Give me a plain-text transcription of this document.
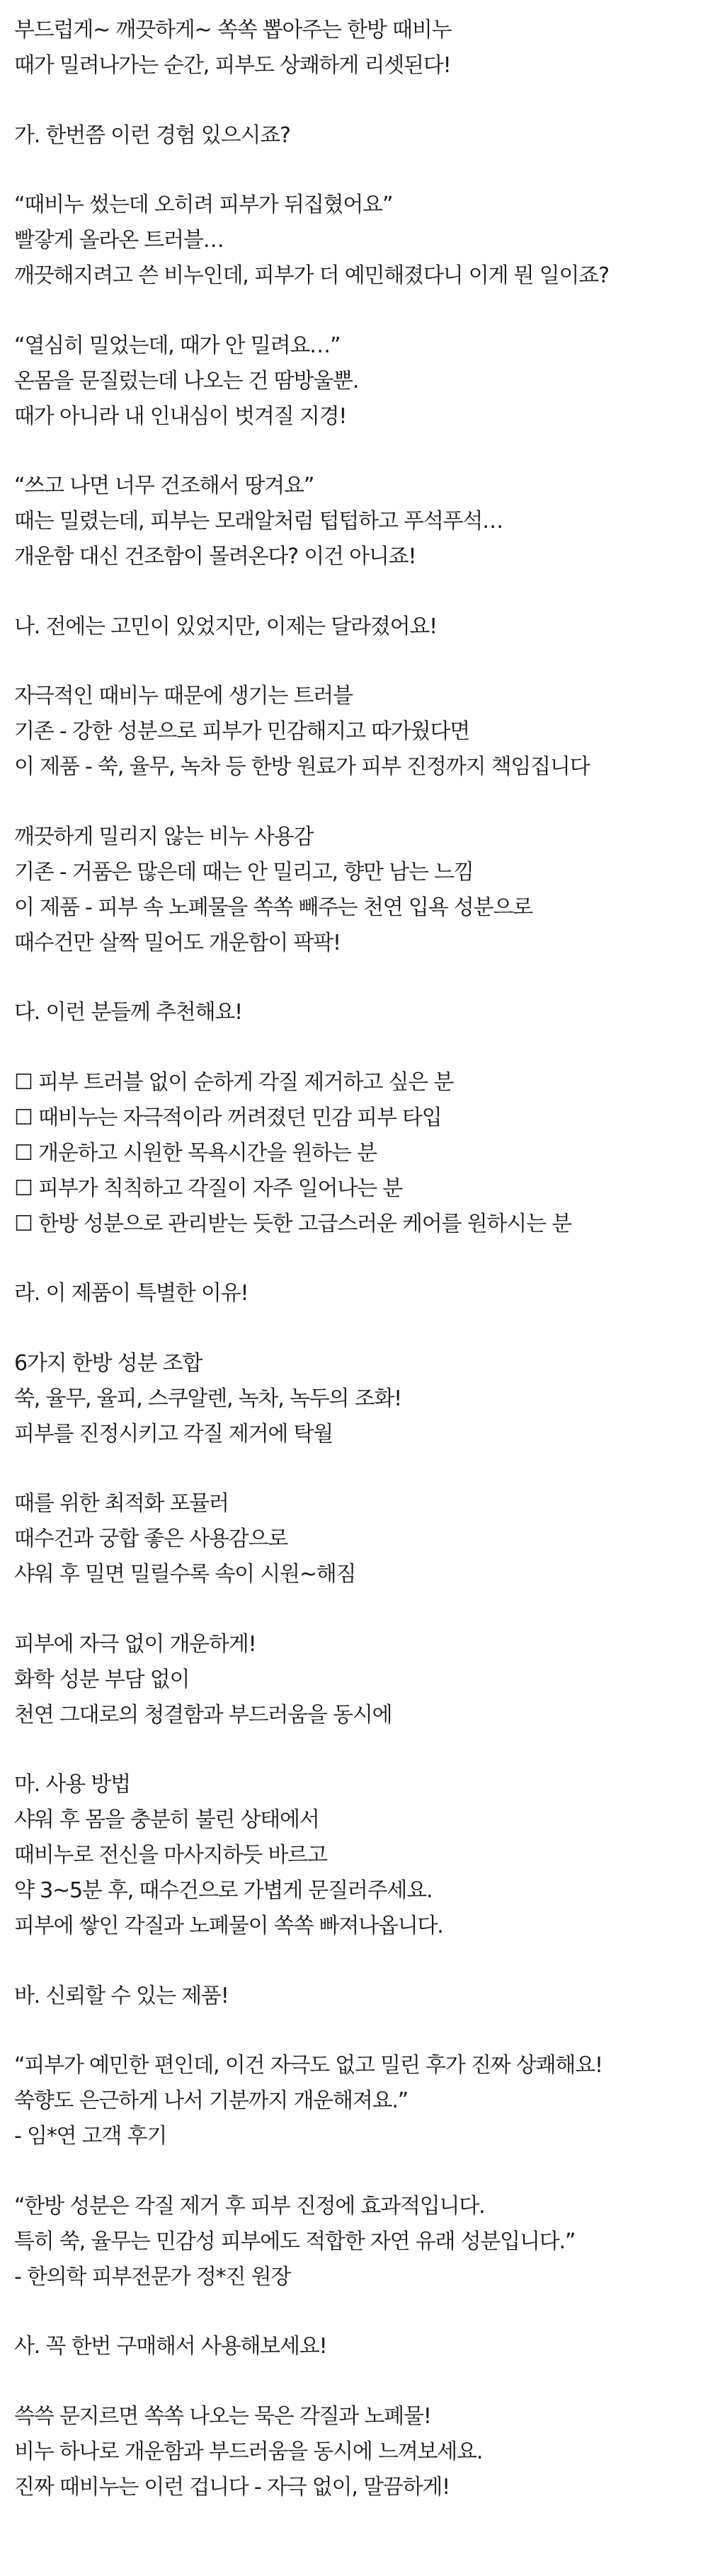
부드럽게~ 깨끗하게~ 쏙쏙 뽑아주는 한방 때비누
때가 밀려나가는 순간, 피부도 상쾌하게 리셋된다!
가. 한번쯤 이런 경험 있으시죠?
“때비누 썼는데 오히려 피부가 뒤집혔어요”
빨갛게 올라온 트러블…
깨끗해지려고 쓴 비누인데, 피부가 더 예민해졌다니 이게 뭔 일이죠?
“열심히 밀었는데, 때가 안 밀려요…”
온몸을 문질렀는데 나오는 건 땀방울뿐.
때가 아니라 내 인내심이 벗겨질 지경!
“쓰고 나면 너무 건조해서 땅겨요”
때는 밀렸는데, 피부는 모래알처럼 텁텁하고 푸석푸석…
개운함 대신 건조함이 몰려온다? 이건 아니죠!
나. 전에는 고민이 있었지만, 이제는 달라졌어요!
자극적인 때비누 때문에 생기는 트러블
기존 - 강한 성분으로 피부가 민감해지고 따가웠다면
이 제품 - 쑥, 율무, 녹차 등 한방 원료가 피부 진정까지 책임집니다
깨끗하게 밀리지 않는 비누 사용감
기존 - 거품은 많은데 때는 안 밀리고, 향만 남는 느낌
이 제품 - 피부 속 노폐물을 쏙쏙 빼주는 천연 입욕 성분으로
때수건만 살짝 밀어도 개운함이 팍팍!
다. 이런 분들께 추천해요!
☐ 피부 트러블 없이 순하게 각질 제거하고 싶은 분
☐ 때비누는 자극적이라 꺼려졌던 민감 피부 타입
☐ 개운하고 시원한 목욕시간을 원하는 분
☐ 피부가 칙칙하고 각질이 자주 일어나는 분
☐ 한방 성분으로 관리받는 듯한 고급스러운 케어를 원하시는 분
라. 이 제품이 특별한 이유!
6가지 한방 성분 조합
쑥, 율무, 율피, 스쿠알렌, 녹차, 녹두의 조화!
피부를 진정시키고 각질 제거에 탁월
때를 위한 최적화 포뮬러
때수건과 궁합 좋은 사용감으로
샤워 후 밀면 밀릴수록 속이 시원~해짐
피부에 자극 없이 개운하게!
화학 성분 부담 없이
천연 그대로의 청결함과 부드러움을 동시에
마. 사용 방법
샤워 후 몸을 충분히 불린 상태에서
때비누로 전신을 마사지하듯 바르고
약 3~5분 후, 때수건으로 가볍게 문질러주세요.
피부에 쌓인 각질과 노폐물이 쏙쏙 빠져나옵니다.
바. 신뢰할 수 있는 제품!
“피부가 예민한 편인데, 이건 자극도 없고 밀린 후가 진짜 상쾌해요!
쑥향도 은근하게 나서 기분까지 개운해져요.”
- 임*연 고객 후기
“한방 성분은 각질 제거 후 피부 진정에 효과적입니다.
특히 쑥, 율무는 민감성 피부에도 적합한 자연 유래 성분입니다.”
- 한의학 피부전문가 정*진 원장
사. 꼭 한번 구매해서 사용해보세요!
쓱쓱 문지르면 쏙쏙 나오는 묵은 각질과 노폐물!
비누 하나로 개운함과 부드러움을 동시에 느껴보세요.
진짜 때비누는 이런 겁니다 - 자극 없이, 말끔하게!
